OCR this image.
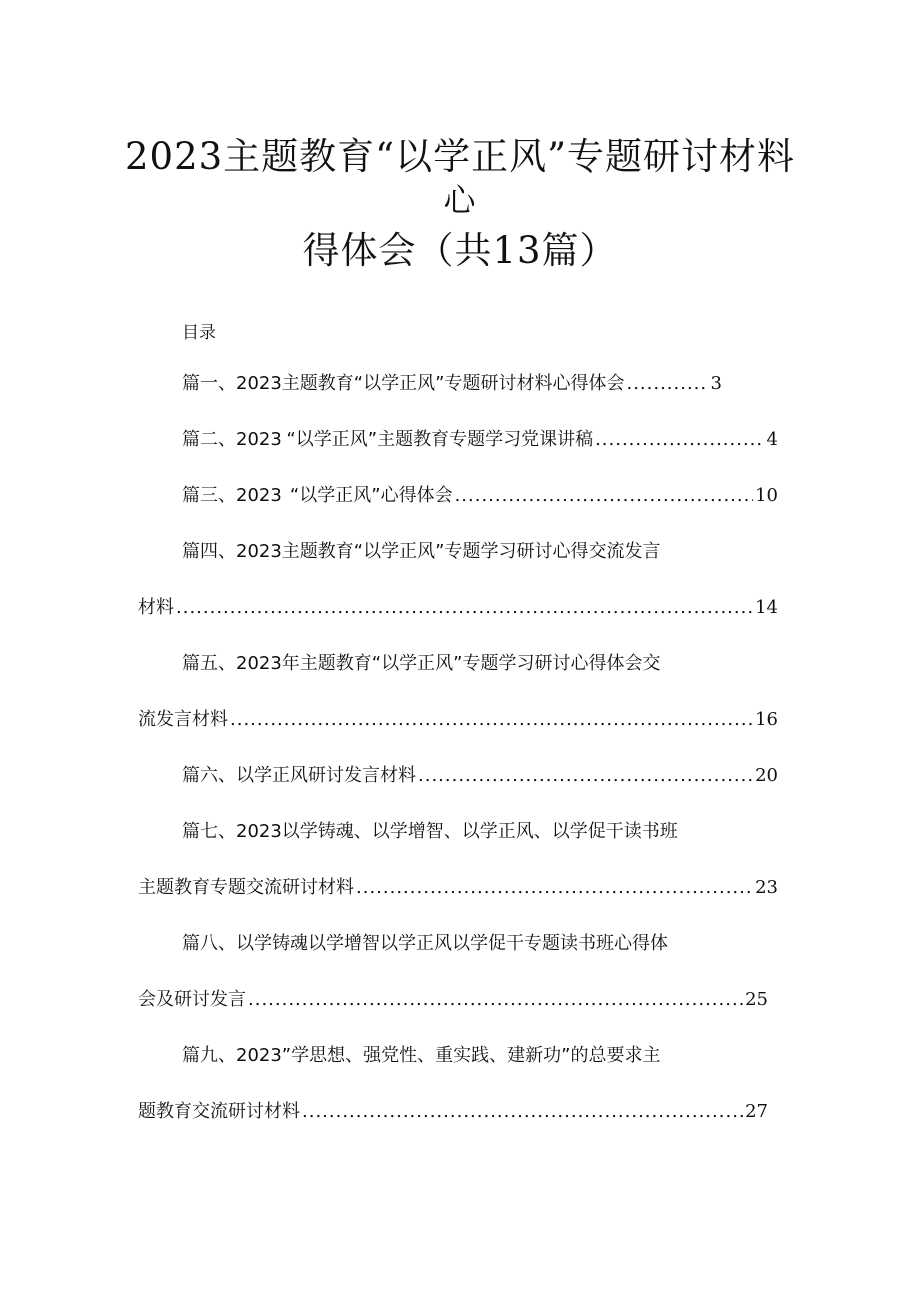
2023主题教育“以学正风”专题研讨材料
心
得体会（共13篇）
目录
篇一、2023主题教育“以学正风”专题研讨材料心得体会 .....	3
篇二、2023 “以学正风”主题教育专题学习党课讲稿 .....	4
篇三、2023 “以学正风”心得体会 .....	10
篇四、2023主题教育“以学正风”专题学习研讨心得交流发言
材料 .....	14
篇五、2023年主题教育“以学正风”专题学习研讨心得体会交
流发言材料 .....	16
篇六、以学正风研讨发言材料 .....	20
篇七、2023以学铸魂、以学增智、以学正风、以学促干读书班
主题教育专题交流研讨材料 .....	23
篇八、以学铸魂以学增智以学正风以学促干专题读书班心得体
会及研讨发言 .....	25
篇九、2023”学思想、强党性、重实践、建新功”的总要求主
题教育交流研讨材料 .....	27
